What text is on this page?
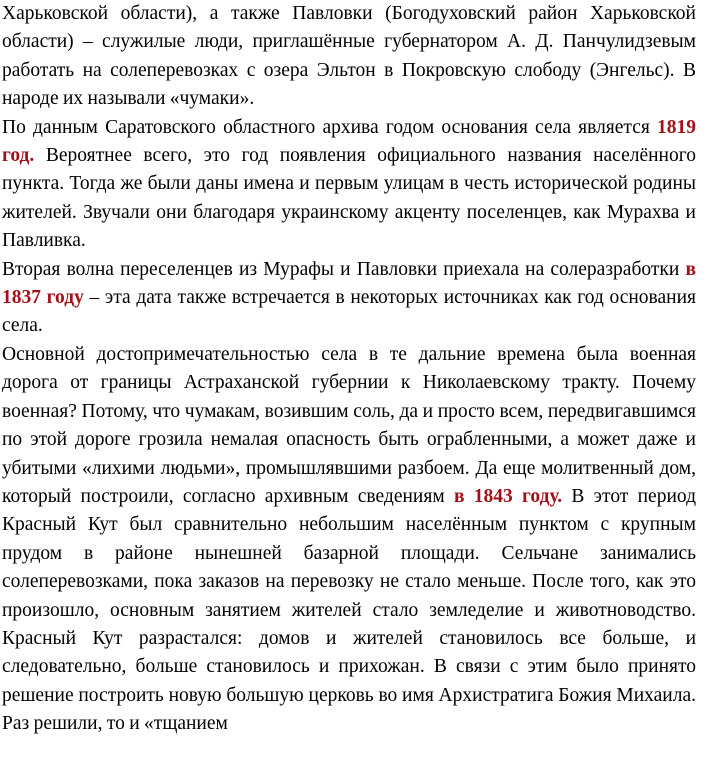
Харьковской области), а также Павловки (Богодуховский район Харьковской области) – служилые люди, приглашённые губернатором А. Д. Панчулидзевым работать на солеперевозках с озера Эльтон в Покровскую слободу (Энгельс). В народе их называли «чумаки».

По данным Саратовского областного архива годом основания села является 1819 год. Вероятнее всего, это год появления официального названия населённого пункта. Тогда же были даны имена и первым улицам в честь исторической родины жителей. Звучали они благодаря украинскому акценту поселенцев, как Мурахва и Павливка.

Вторая волна переселенцев из Мурафы и Павловки приехала на солеразработки в 1837 году – эта дата также встречается в некоторых источниках как год основания села.

Основной достопримечательностью села в те дальние времена была военная дорога от границы Астраханской губернии к Николаевскому тракту. Почему военная? Потому, что чумакам, возившим соль, да и просто всем, передвигавшимся по этой дороге грозила немалая опасность быть ограбленными, а может даже и убитыми «лихими людьми», промышлявшими разбоем. Да еще молитвенный дом, который построили, согласно архивным сведениям в 1843 году. В этот период Красный Кут был сравнительно небольшим населённым пунктом с крупным прудом в районе нынешней базарной площади. Сельчане занимались солеперевозками, пока заказов на перевозку не стало меньше. После того, как это произошло, основным занятием жителей стало земледелие и животноводство. Красный Кут разрастался: домов и жителей становилось все больше, и следовательно, больше становилось и прихожан. В связи с этим было принято решение построить новую большую церковь во имя Архистратига Божия Михаила. Раз решили, то и «тщанием
